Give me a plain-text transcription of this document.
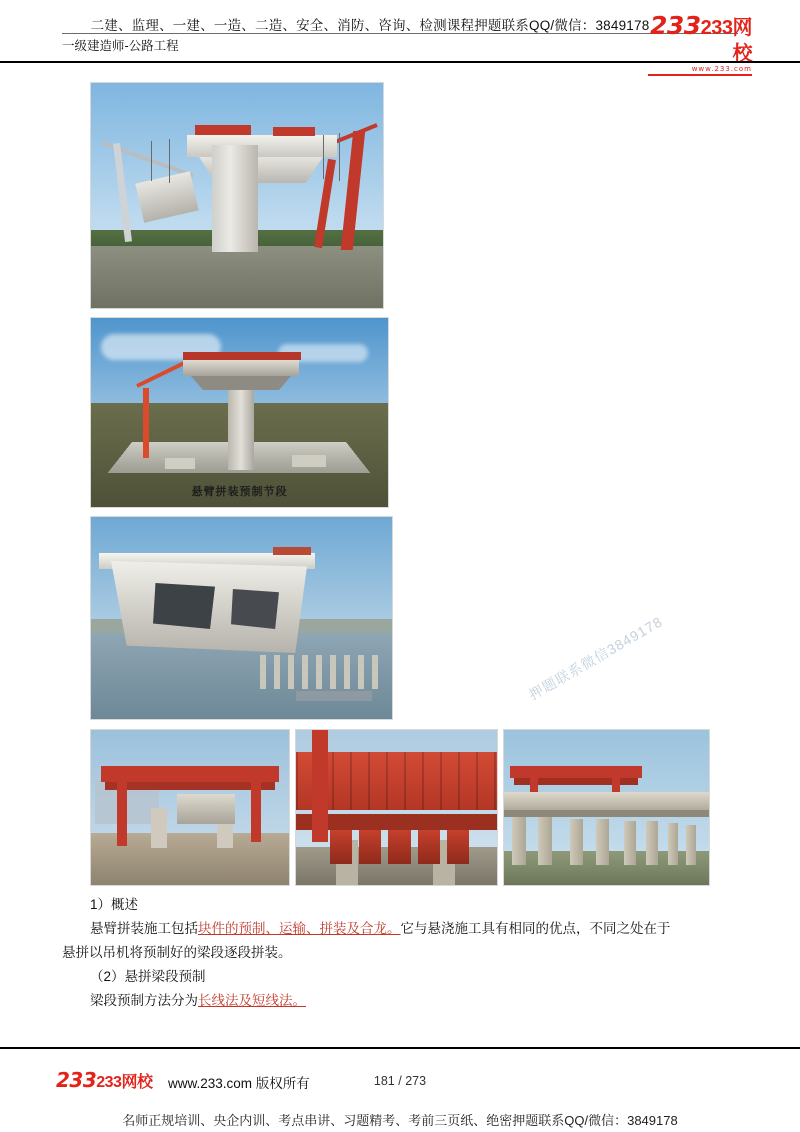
二建、监理、一建、一造、二造、安全、消防、咨询、检测课程押题联系QQ/微信：3849178
一级建造师-公路工程
233233网校
www.233.com
悬臂拼装预制节段
押题联系微信3849178

1）概述

悬臂拼装施工包括块件的预制、运输、拼装及合龙。它与悬浇施工具有相同的优点，不同之处在于

悬拼以吊机将预制好的梁段逐段拼装。

（2）悬拼梁段预制

梁段预制方法分为长线法及短线法。

233233网校 www.233.com 版权所有	181 / 273
名师正规培训、央企内训、考点串讲、习题精考、考前三页纸、绝密押题联系QQ/微信：3849178
